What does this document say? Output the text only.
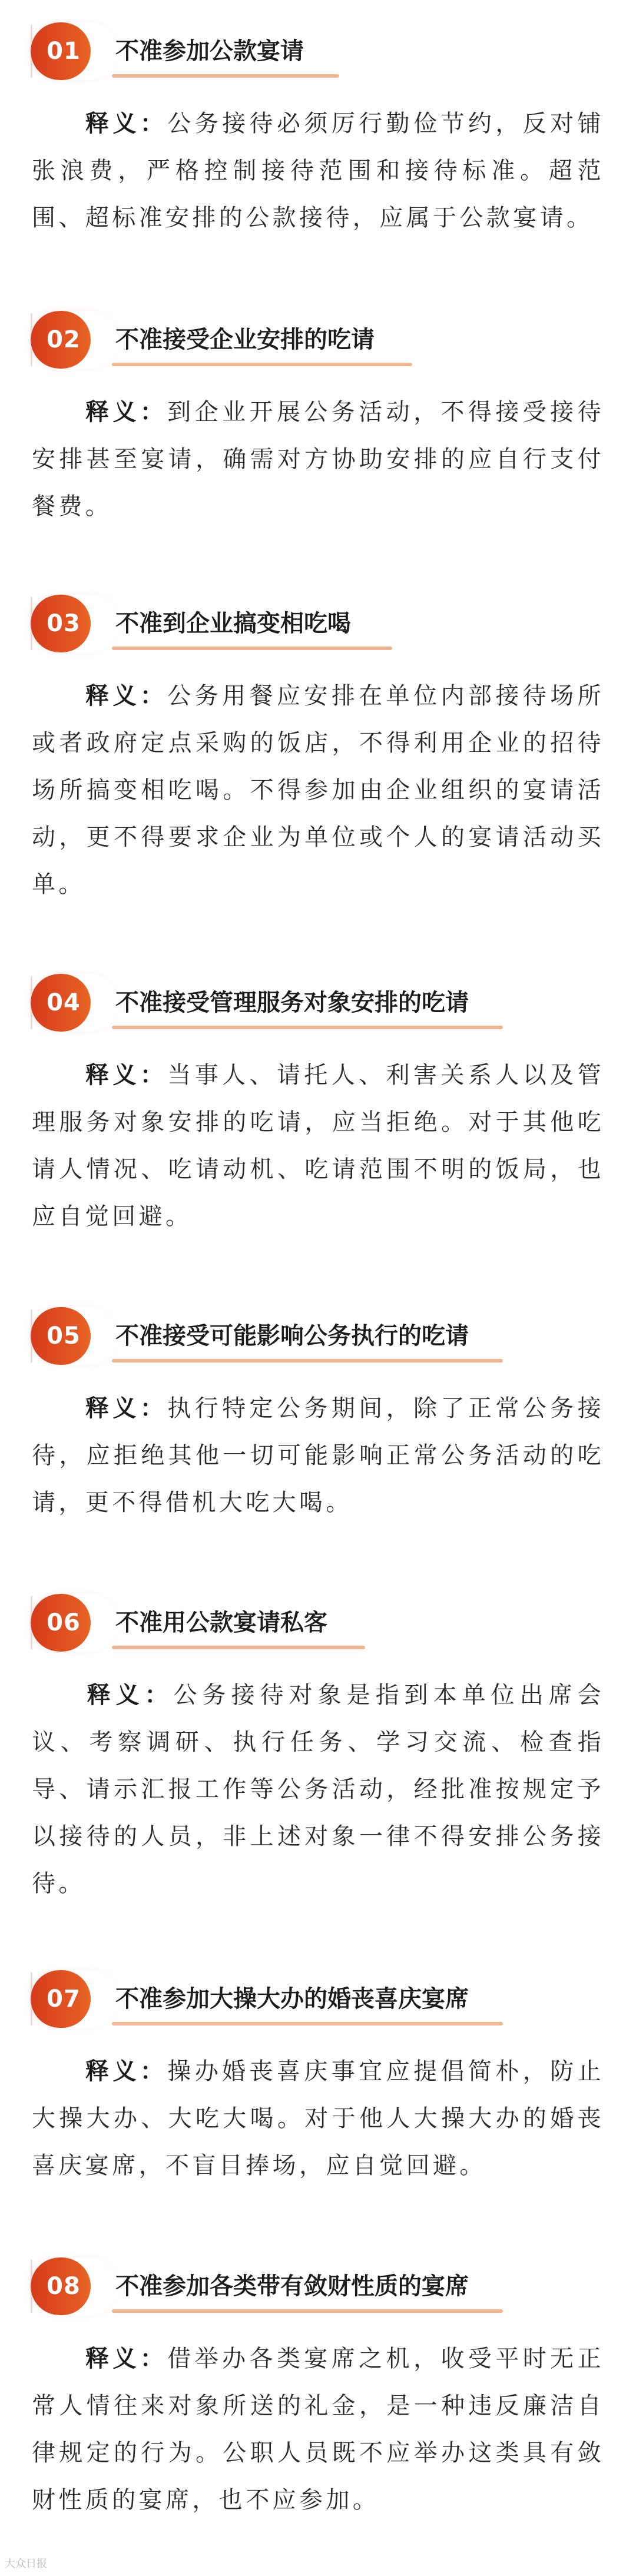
01	不准参加公款宴请
释义：公务接待必须厉行勤俭节约，反对铺张浪费，严格控制接待范围和接待标准。超范围、超标准安排的公款接待，应属于公款宴请。
02	不准接受企业安排的吃请
释义：到企业开展公务活动，不得接受接待安排甚至宴请，确需对方协助安排的应自行支付餐费。
03	不准到企业搞变相吃喝
释义：公务用餐应安排在单位内部接待场所或者政府定点采购的饭店，不得利用企业的招待场所搞变相吃喝。不得参加由企业组织的宴请活动，更不得要求企业为单位或个人的宴请活动买单。
04	不准接受管理服务对象安排的吃请
释义：当事人、请托人、利害关系人以及管理服务对象安排的吃请，应当拒绝。对于其他吃请人情况、吃请动机、吃请范围不明的饭局，也应自觉回避。
05	不准接受可能影响公务执行的吃请
释义：执行特定公务期间，除了正常公务接待，应拒绝其他一切可能影响正常公务活动的吃请，更不得借机大吃大喝。
06	不准用公款宴请私客
释义：公务接待对象是指到本单位出席会议、考察调研、执行任务、学习交流、检查指导、请示汇报工作等公务活动，经批准按规定予以接待的人员，非上述对象一律不得安排公务接待。
07	不准参加大操大办的婚丧喜庆宴席
释义：操办婚丧喜庆事宜应提倡简朴，防止大操大办、大吃大喝。对于他人大操大办的婚丧喜庆宴席，不盲目捧场，应自觉回避。
08	不准参加各类带有敛财性质的宴席
释义：借举办各类宴席之机，收受平时无正常人情往来对象所送的礼金，是一种违反廉洁自律规定的行为。公职人员既不应举办这类具有敛财性质的宴席，也不应参加。
大众日报
